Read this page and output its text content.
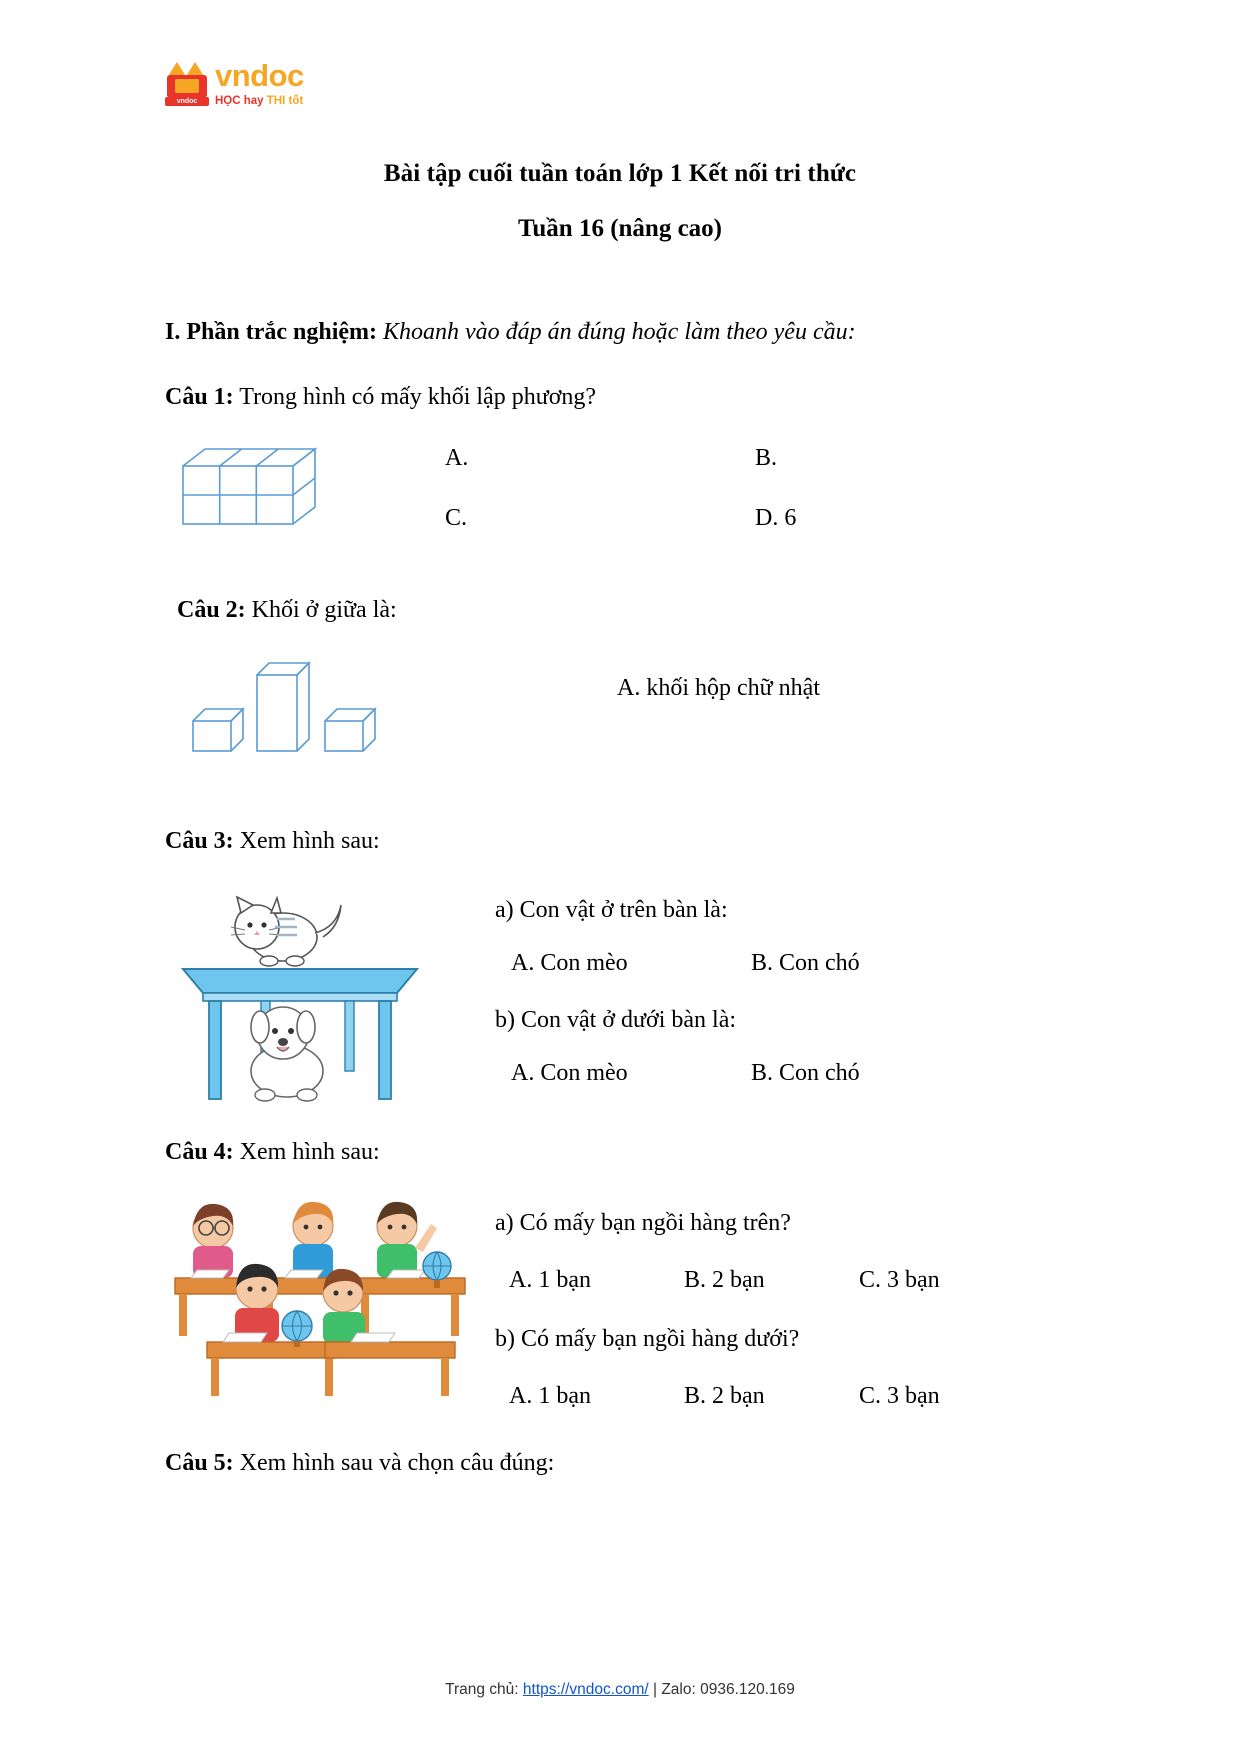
vndoc
vndoc
HỌC hay THI tốt
Bài tập cuối tuần toán lớp 1 Kết nối tri thức
Tuần 16 (nâng cao)

I. Phần trắc nghiệm: Khoanh vào đáp án đúng hoặc làm theo yêu cầu:

Câu 1: Trong hình có mấy khối lập phương?

A.	B.
C.	D. 6

Câu 2: Khối ở giữa là:

A. khối hộp chữ nhật

Câu 3: Xem hình sau:

a) Con vật ở trên bàn là:
A. Con mèo	B. Con chó
b) Con vật ở dưới bàn là:
A. Con mèo	B. Con chó

Câu 4: Xem hình sau:

a) Có mấy bạn ngồi hàng trên?
A. 1 bạn	B. 2 bạn	C. 3 bạn
b) Có mấy bạn ngồi hàng dưới?
A. 1 bạn	B. 2 bạn	C. 3 bạn

Câu 5: Xem hình sau và chọn câu đúng:

Trang chủ: https://vndoc.com/ | Zalo: 0936.120.169
